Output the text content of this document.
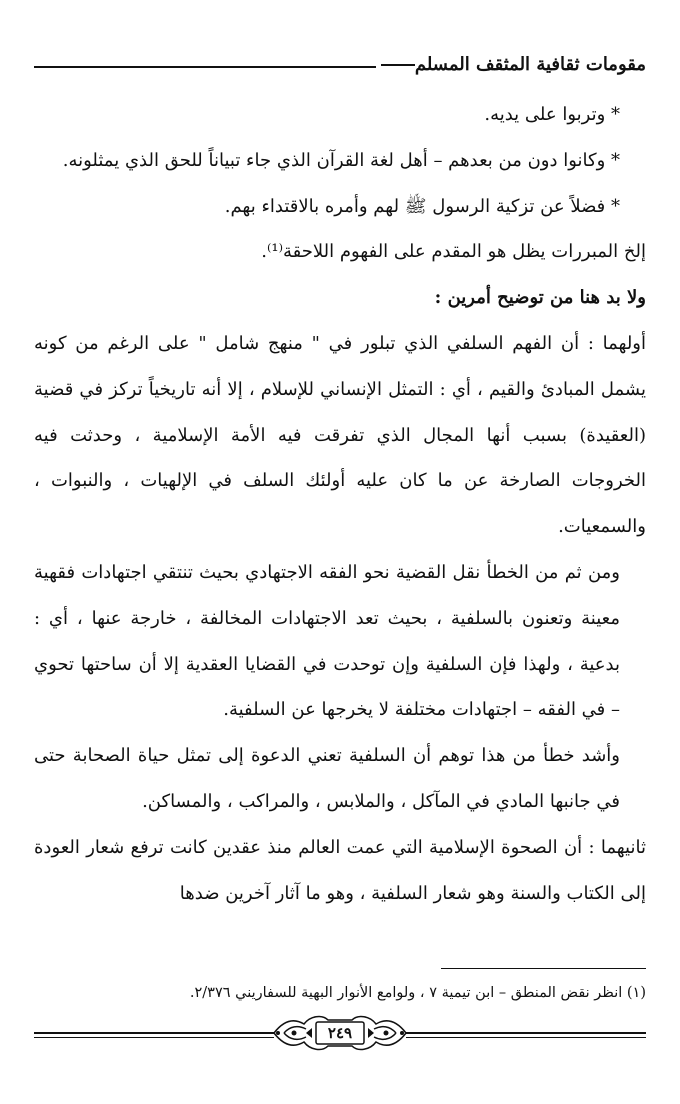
مقومات ثقافية المثقف المسلم

* وتربوا على يديه.

* وكانوا دون من بعدهم – أهل لغة القرآن الذي جاء تبياناً للحق الذي يمثلونه.

* فضلاً عن تزكية الرسول ﷺ لهم وأمره بالاقتداء بهم.

إلخ المبررات يظل هو المقدم على الفهوم اللاحقة⁽¹⁾.

ولا بد هنا من توضيح أمرين :

أولهما : أن الفهم السلفي الذي تبلور في " منهج شامل " على الرغم من كونه يشمل المبادئ والقيم ، أي : التمثل الإنساني للإسلام ، إلا أنه تاريخياً تركز في قضية (العقيدة) بسبب أنها المجال الذي تفرقت فيه الأمة الإسلامية ، وحدثت فيه الخروجات الصارخة عن ما كان عليه أولئك السلف في الإلهيات ، والنبوات ، والسمعيات.

ومن ثم من الخطأ نقل القضية نحو الفقه الاجتهادي بحيث تنتقي اجتهادات فقهية معينة وتعنون بالسلفية ، بحيث تعد الاجتهادات المخالفة ، خارجة عنها ، أي : بدعية ، ولهذا فإن السلفية وإن توحدت في القضايا العقدية إلا أن ساحتها تحوي – في الفقه – اجتهادات مختلفة لا يخرجها عن السلفية.

وأشد خطأ من هذا توهم أن السلفية تعني الدعوة إلى تمثل حياة الصحابة حتى في جانبها المادي في المآكل ، والملابس ، والمراكب ، والمساكن.

ثانيهما : أن الصحوة الإسلامية التي عمت العالم منذ عقدين كانت ترفع شعار العودة إلى الكتاب والسنة وهو شعار السلفية ، وهو ما آثار آخرين ضدها

(١) انظر نقض المنطق – ابن تيمية ٧ ، ولوامع الأنوار البهية للسفاريني ٢/٣٧٦.
٢٤٩
